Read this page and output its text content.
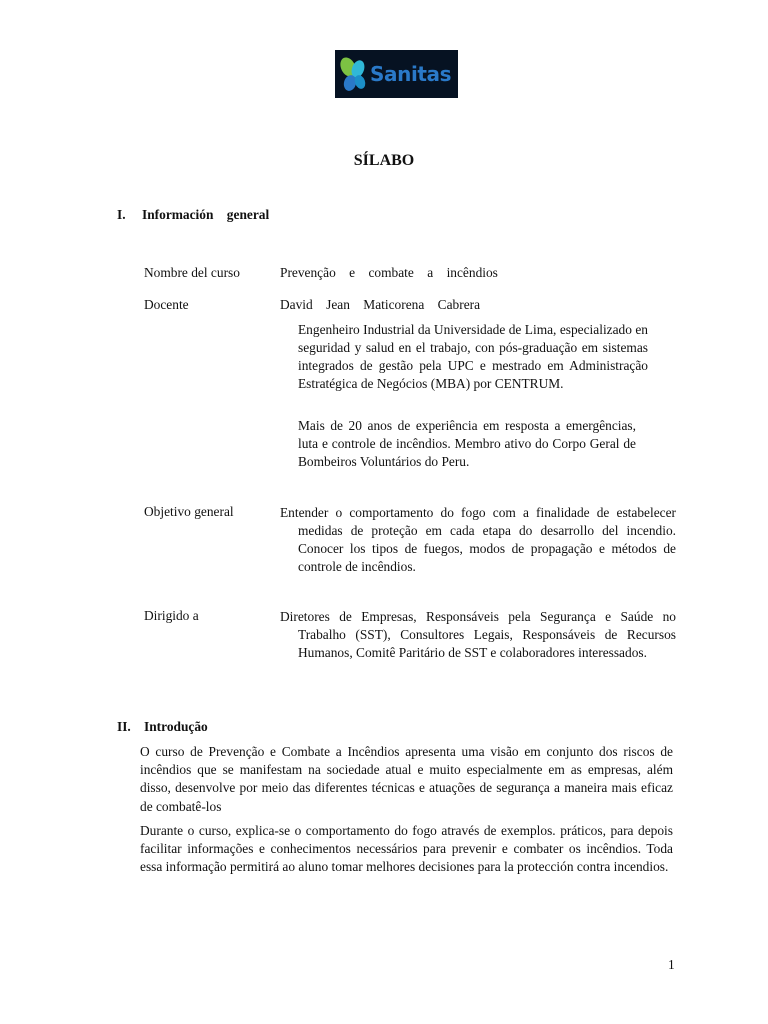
Sanitas
SÍLABO
I. Información    general
Nombre del curso	Prevenção    e    combate    a    incêndios
Docente	David    Jean    Maticorena    Cabrera
Engenheiro Industrial da Universidade de Lima, especializado en seguridad y salud en el trabajo, con pós-graduação em sistemas integrados de gestão pela UPC e mestrado em Administração Estratégica de Negócios (MBA) por CENTRUM.
Mais de 20 anos de experiência em resposta a emergências, luta e controle de incêndios. Membro ativo do Corpo Geral de Bombeiros Voluntários do Peru.
Objetivo general	Entender o comportamento do fogo com a finalidade de estabelecer medidas de proteção em cada etapa do desarrollo del incendio. Conocer los tipos de fuegos, modos de propagação e métodos de controle de incêndios.
Dirigido a	Diretores de Empresas, Responsáveis pela Segurança e Saúde no Trabalho (SST), Consultores Legais, Responsáveis de Recursos Humanos, Comitê Paritário de SST e colaboradores interessados.
II. Introdução
O curso de Prevenção e Combate a Incêndios apresenta uma visão em conjunto dos riscos de incêndios que se manifestam na sociedade atual e muito especialmente em as empresas, além disso, desenvolve por meio das diferentes técnicas e atuações de segurança a maneira mais eficaz de combatê-los
Durante o curso, explica-se o comportamento do fogo através de exemplos. práticos, para depois facilitar informações e conhecimentos necessários para prevenir e combater os incêndios. Toda essa informação permitirá ao aluno tomar melhores decisiones para la protección contra incendios.
1
